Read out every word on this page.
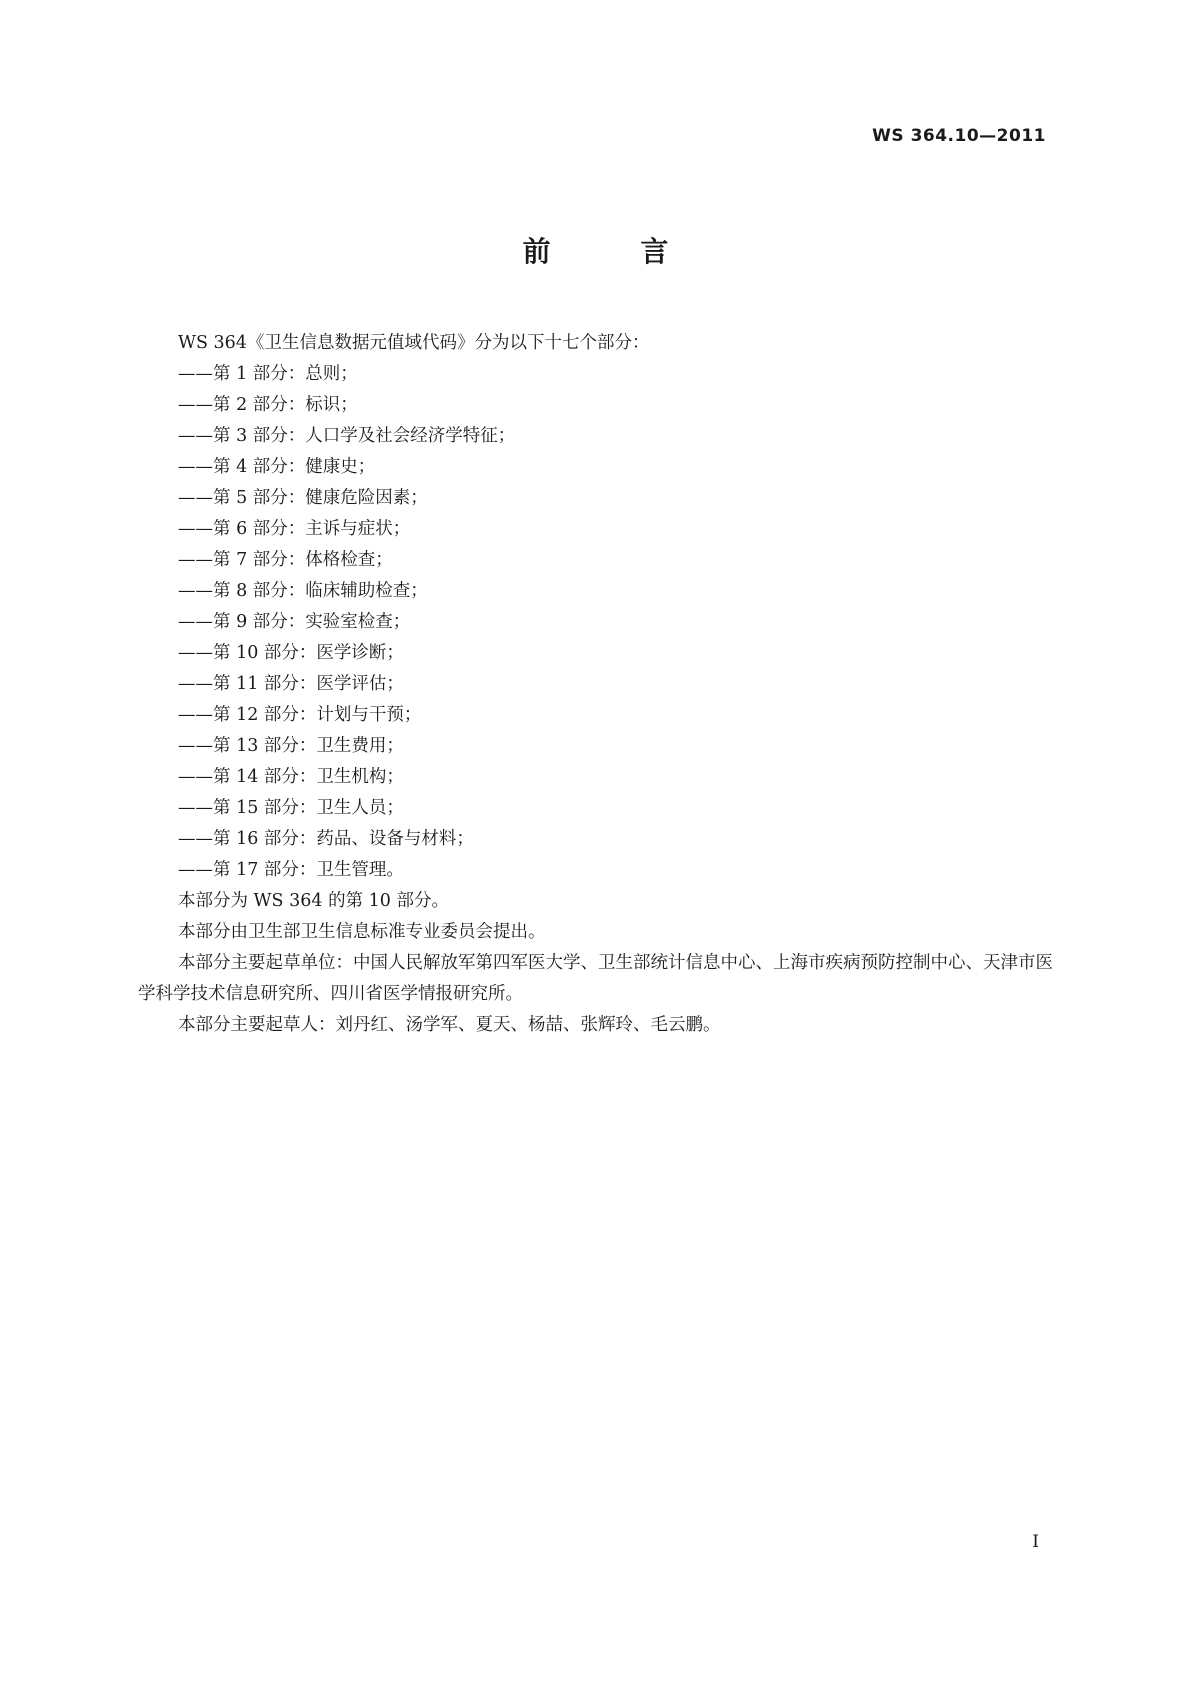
WS 364.10—2011
前 言

WS 364《卫生信息数据元值域代码》分为以下十七个部分：

——第 1 部分：总则；

——第 2 部分：标识；

——第 3 部分：人口学及社会经济学特征；

——第 4 部分：健康史；

——第 5 部分：健康危险因素；

——第 6 部分：主诉与症状；

——第 7 部分：体格检查；

——第 8 部分：临床辅助检查；

——第 9 部分：实验室检查；

——第 10 部分：医学诊断；

——第 11 部分：医学评估；

——第 12 部分：计划与干预；

——第 13 部分：卫生费用；

——第 14 部分：卫生机构；

——第 15 部分：卫生人员；

——第 16 部分：药品、设备与材料；

——第 17 部分：卫生管理。

本部分为 WS 364 的第 10 部分。

本部分由卫生部卫生信息标准专业委员会提出。

本部分主要起草单位：中国人民解放军第四军医大学、卫生部统计信息中心、上海市疾病预防控制中心、天津市医学科学技术信息研究所、四川省医学情报研究所。

本部分主要起草人：刘丹红、汤学军、夏天、杨喆、张辉玲、毛云鹏。

I
